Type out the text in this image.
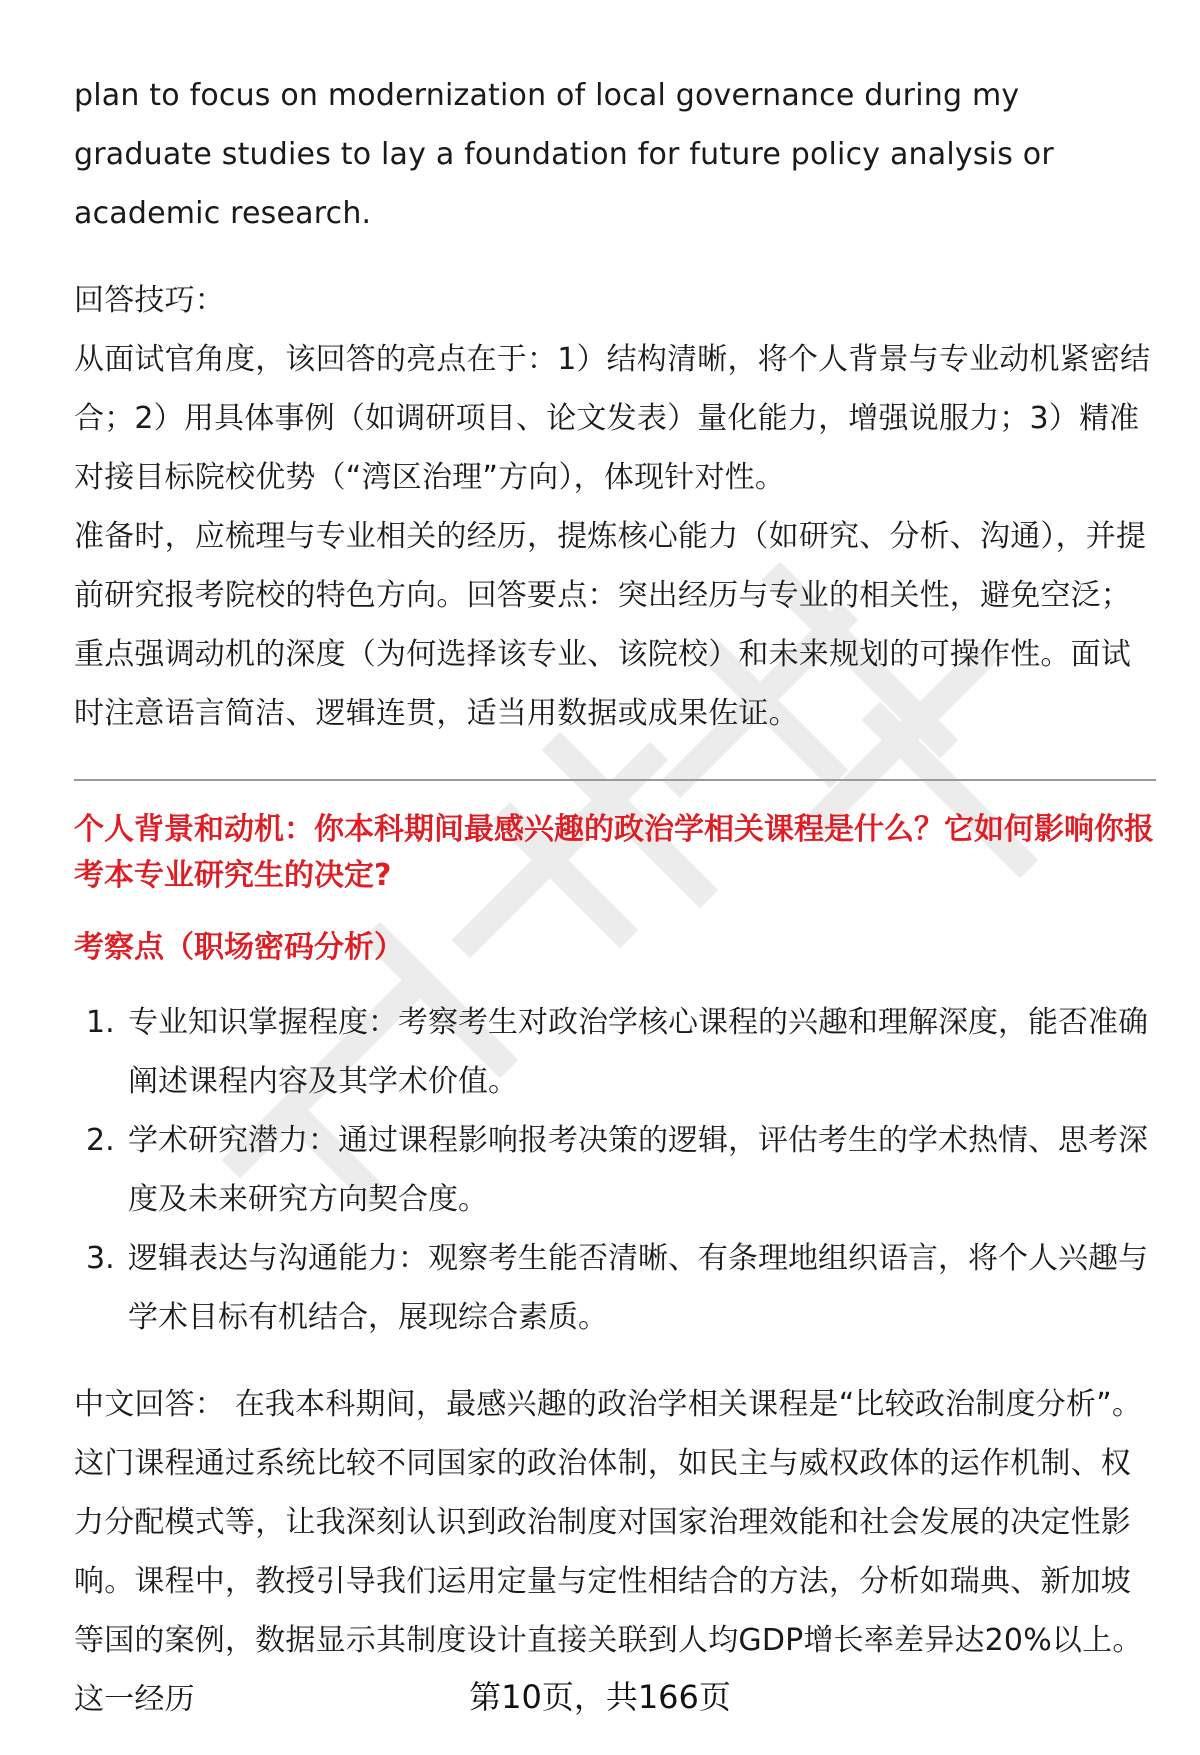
plan to focus on modernization of local governance during my graduate studies to lay a foundation for future policy analysis or academic research.

回答技巧：

从面试官角度，该回答的亮点在于：1）结构清晰，将个人背景与专业动机紧密结合；2）用具体事例（如调研项目、论文发表）量化能力，增强说服力；3）精准对接目标院校优势（“湾区治理”方向），体现针对性。

准备时，应梳理与专业相关的经历，提炼核心能力（如研究、分析、沟通），并提前研究报考院校的特色方向。回答要点：突出经历与专业的相关性，避免空泛；重点强调动机的深度（为何选择该专业、该院校）和未来规划的可操作性。面试时注意语言简洁、逻辑连贯，适当用数据或成果佐证。

个人背景和动机：你本科期间最感兴趣的政治学相关课程是什么？它如何影响你报考本专业研究生的决定?

考察点（职场密码分析）

1. 专业知识掌握程度：考察考生对政治学核心课程的兴趣和理解深度，能否准确阐述课程内容及其学术价值。
2. 学术研究潜力：通过课程影响报考决策的逻辑，评估考生的学术热情、思考深度及未来研究方向契合度。
3. 逻辑表达与沟通能力：观察考生能否清晰、有条理地组织语言，将个人兴趣与学术目标有机结合，展现综合素质。

中文回答： 在我本科期间，最感兴趣的政治学相关课程是“比较政治制度分析”。这门课程通过系统比较不同国家的政治体制，如民主与威权政体的运作机制、权力分配模式等，让我深刻认识到政治制度对国家治理效能和社会发展的决定性影响。课程中，教授引导我们运用定量与定性相结合的方法，分析如瑞典、新加坡等国的案例，数据显示其制度设计直接关联到人均GDP增长率差异达20%以上。这一经历	第10页，共166页
